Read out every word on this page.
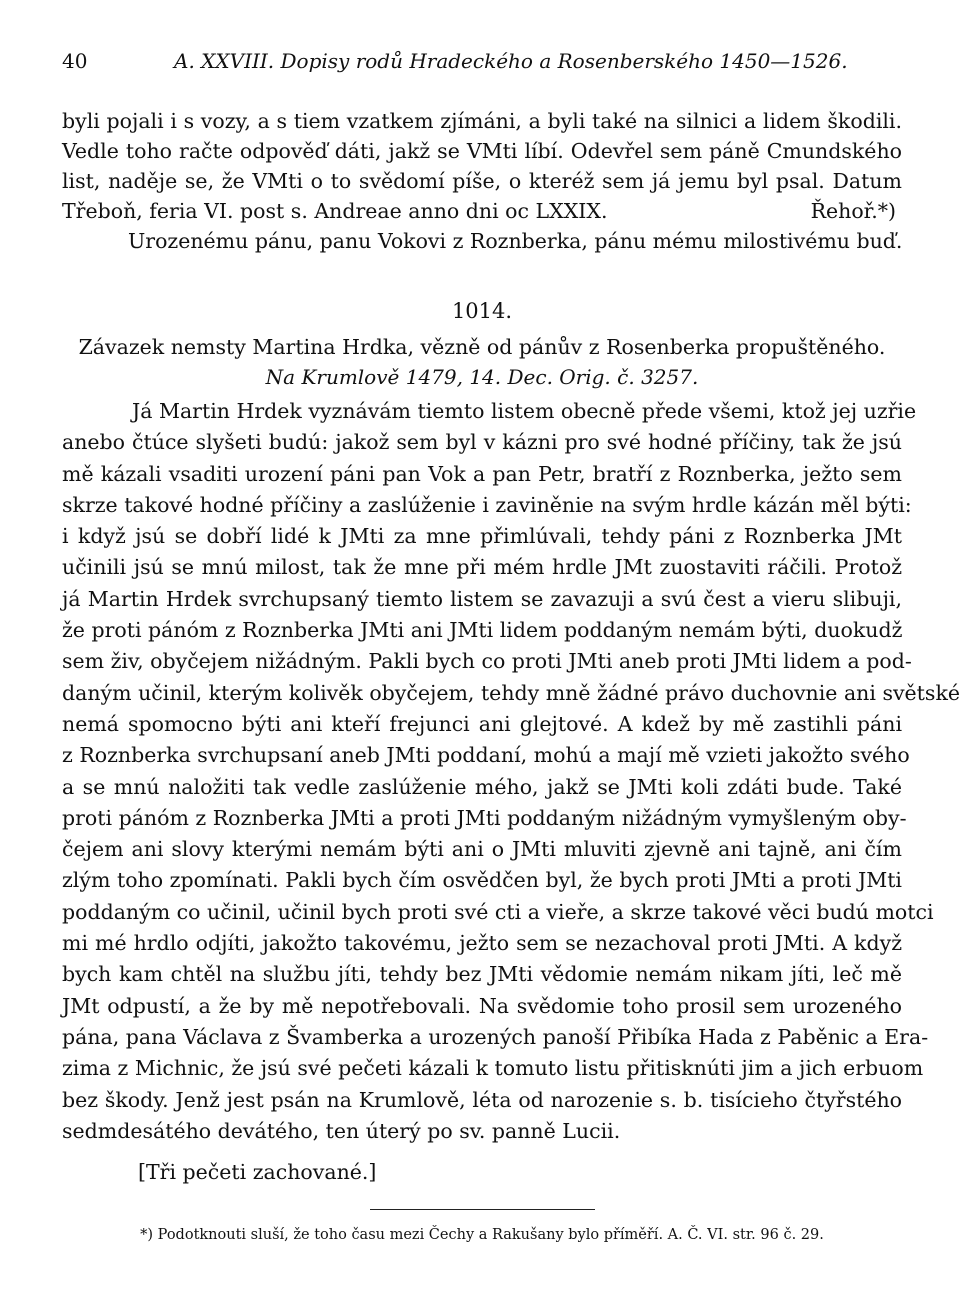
40	A. XXVIII. Dopisy rodů Hradeckého a Rosenberského 1450—1526.
byli pojali i s vozy, a s tiem vzatkem zjímáni, a byli také na silnici a lidem škodili.
Vedle toho račte odpověď dáti, jakž se VMti líbí. Odevřel sem páně Cmundského
list, naděje se, že VMti o to svědomí píše, o kteréž sem já jemu byl psal. Datum
Třeboň, feria VI. post s. Andreae anno dni oc LXXIX.	Řehoř.*)
Urozenému pánu, panu Vokovi z Roznberka, pánu mému milostivému buď.
1014.
Závazek nemsty Martina Hrdka, vězně od pánův z Rosenberka propuštěného.
Na Krumlově 1479, 14. Dec. Orig. č. 3257.
Já Martin Hrdek vyznávám tiemto listem obecně přede všemi, ktož jej uzřie
anebo čtúce slyšeti budú: jakož sem byl v kázni pro své hodné příčiny, tak že jsú
mě kázali vsaditi urození páni pan Vok a pan Petr, bratří z Roznberka, ježto sem
skrze takové hodné příčiny a zaslúženie i zaviněnie na svým hrdle kázán měl býti:
i když jsú se dobří lidé k JMti za mne přimlúvali, tehdy páni z Roznberka JMt
učinili jsú se mnú milost, tak že mne při mém hrdle JMt zuostaviti ráčili. Protož
já Martin Hrdek svrchupsaný tiemto listem se zavazuji a svú čest a vieru slibuji,
že proti pánóm z Roznberka JMti ani JMti lidem poddaným nemám býti, duokudž
sem živ, obyčejem nižádným. Pakli bych co proti JMti aneb proti JMti lidem a pod-
daným učinil, kterým kolivěk obyčejem, tehdy mně žádné právo duchovnie ani světské
nemá spomocno býti ani kteří frejunci ani glejtové. A kdež by mě zastihli páni
z Roznberka svrchupsaní aneb JMti poddaní, mohú a mají mě vzieti jakožto svého
a se mnú naložiti tak vedle zaslúženie mého, jakž se JMti koli zdáti bude. Také
proti pánóm z Roznberka JMti a proti JMti poddaným nižádným vymyšleným oby-
čejem ani slovy kterými nemám býti ani o JMti mluviti zjevně ani tajně, ani čím
zlým toho zpomínati. Pakli bych čím osvědčen byl, že bych proti JMti a proti JMti
poddaným co učinil, učinil bych proti své cti a vieře, a skrze takové věci budú motci
mi mé hrdlo odjíti, jakožto takovému, ježto sem se nezachoval proti JMti. A když
bych kam chtěl na službu jíti, tehdy bez JMti vědomie nemám nikam jíti, leč mě
JMt odpustí, a že by mě nepotřebovali. Na svědomie toho prosil sem urozeného
pána, pana Václava z Švamberka a urozených panoší Přibíka Hada z Paběnic a Era-
zima z Michnic, že jsú své pečeti kázali k tomuto listu přitisknúti jim a jich erbuom
bez škody. Jenž jest psán na Krumlově, léta od narozenie s. b. tisícieho čtyřstého
sedmdesátého devátého, ten úterý po sv. panně Lucii.
[Tři pečeti zachované.]
*) Podotknouti sluší, že toho času mezi Čechy a Rakušany bylo příměří. A. Č. VI. str. 96 č. 29.
